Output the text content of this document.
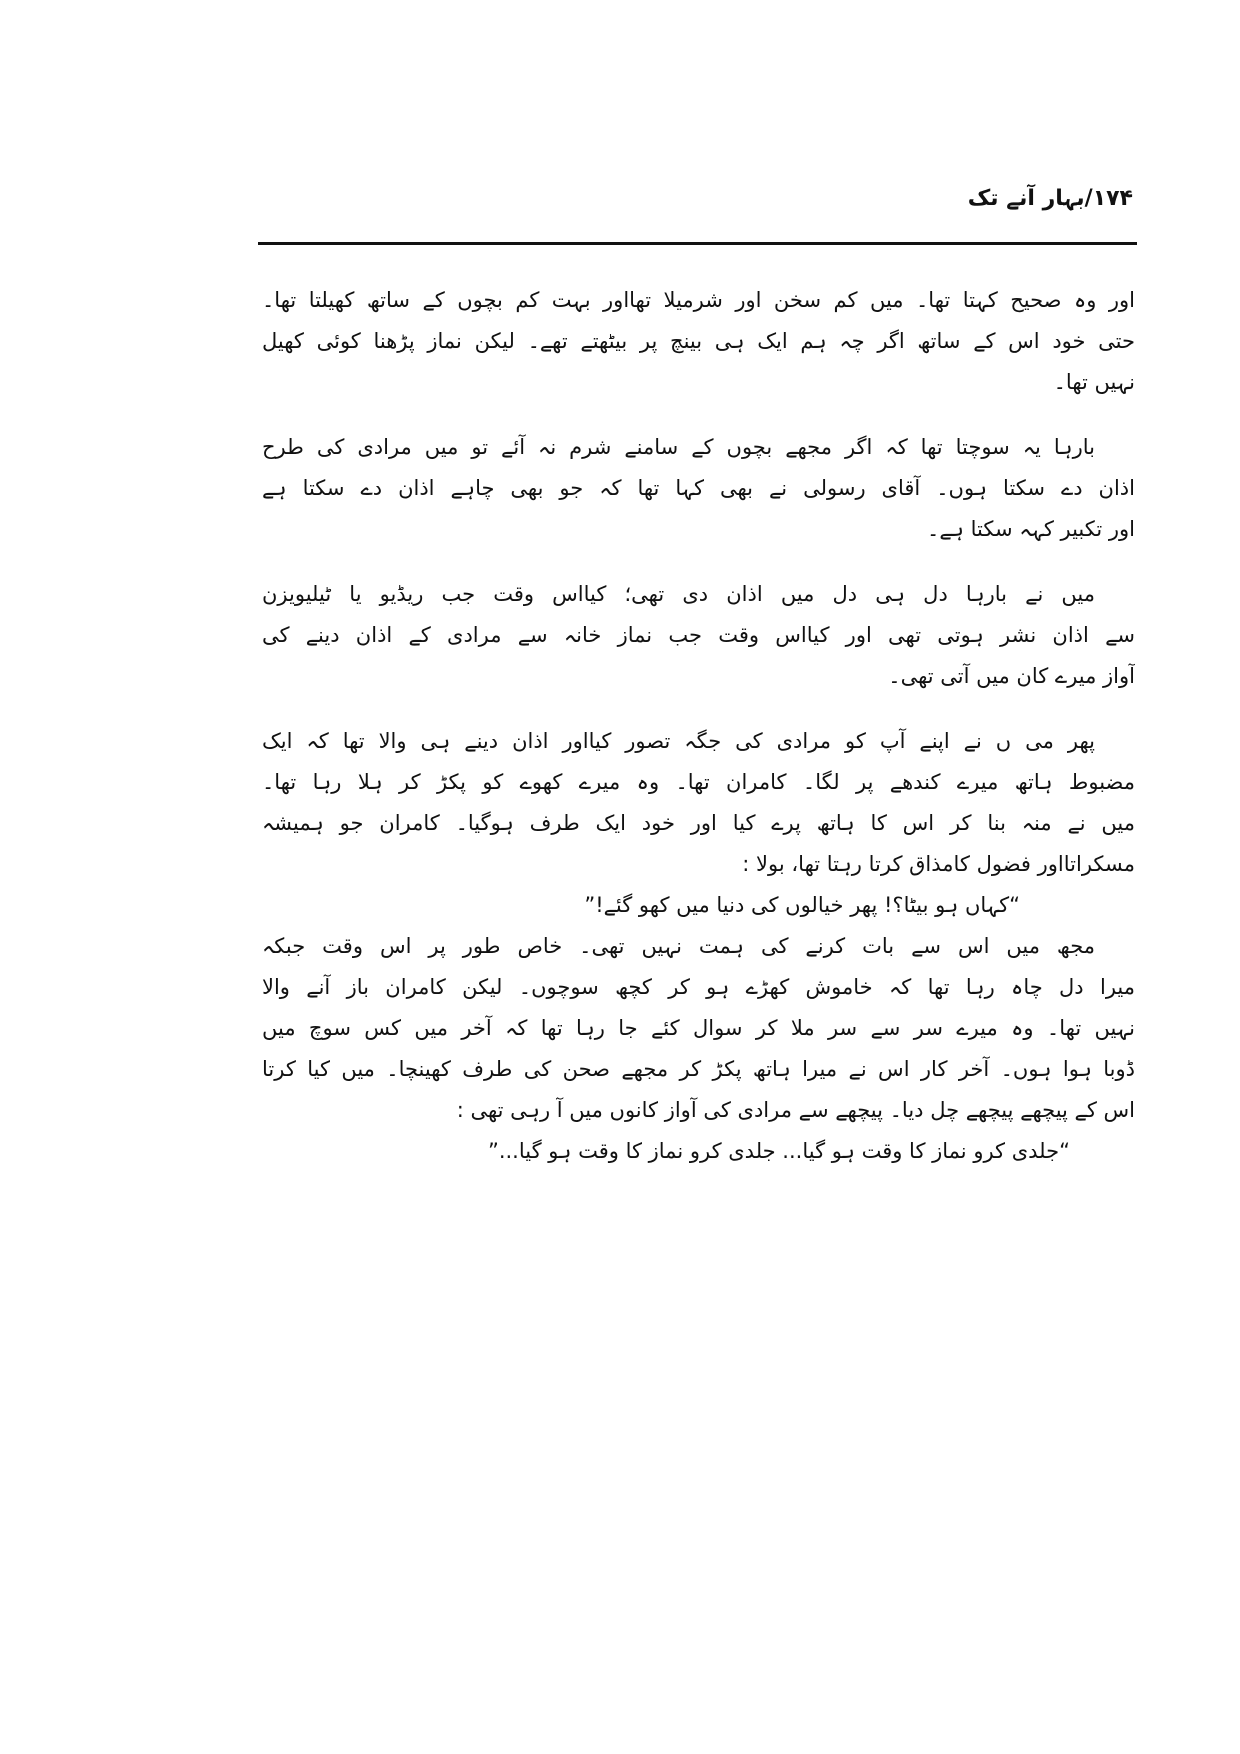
۱۷۴/بہار آنے تک
اور وہ صحیح کہتا تھا۔ میں کم سخن اور شرمیلا تھااور بہت کم بچوں کے ساتھ کھیلتا تھا۔
حتی خود اس کے ساتھ اگر چہ ہم ایک ہی بینچ پر بیٹھتے تھے۔ لیکن نماز پڑھنا کوئی کھیل
نہیں تھا۔
بارہا یہ سوچتا تھا کہ اگر مجھے بچوں کے سامنے شرم نہ آئے تو میں مرادی کی طرح
اذان دے سکتا ہوں۔ آقای رسولی نے بھی کہا تھا کہ جو بھی چاہے اذان دے سکتا ہے
اور تکبیر کہہ سکتا ہے۔
میں نے بارہا دل ہی دل میں اذان دی تھی؛ کیااس وقت جب ریڈیو یا ٹیلیویزن
سے اذان نشر ہوتی تھی اور کیااس وقت جب نماز خانہ سے مرادی کے اذان دینے کی
آواز میرے کان میں آتی تھی۔
پھر می ں نے اپنے آپ کو مرادی کی جگہ تصور کیااور اذان دینے ہی والا تھا کہ ایک
مضبوط ہاتھ میرے کندھے پر لگا۔ کامران تھا۔ وہ میرے کھوے کو پکڑ کر ہلا رہا تھا۔
میں نے منہ بنا کر اس کا ہاتھ پرے کیا اور خود ایک طرف ہوگیا۔ کامران جو ہمیشہ
مسکراتااور فضول کامذاق کرتا رہتا تھا، بولا :
“کہاں ہو بیٹا؟! پھر خیالوں کی دنیا میں کھو گئے!”
مجھ میں اس سے بات کرنے کی ہمت نہیں تھی۔ خاص طور پر اس وقت جبکہ
میرا دل چاہ رہا تھا کہ خاموش کھڑے ہو کر کچھ سوچوں۔ لیکن کامران باز آنے والا
نہیں تھا۔ وہ میرے سر سے سر ملا کر سوال کئے جا رہا تھا کہ آخر میں کس سوچ میں
ڈوبا ہوا ہوں۔ آخر کار اس نے میرا ہاتھ پکڑ کر مجھے صحن کی طرف کھینچا۔ میں کیا کرتا
اس کے پیچھے پیچھے چل دیا۔ پیچھے سے مرادی کی آواز کانوں میں آ رہی تھی :
“جلدی کرو نماز کا وقت ہو گیا... جلدی کرو نماز کا وقت ہو گیا...”
